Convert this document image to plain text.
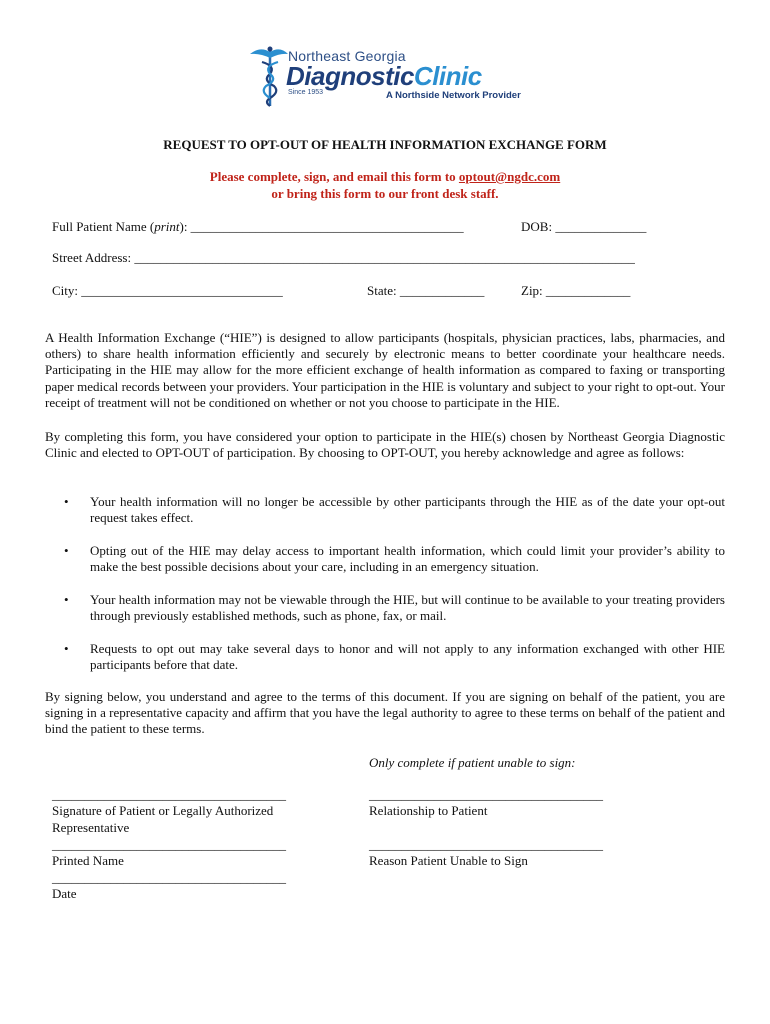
Northeast Georgia
DiagnosticClinic
Since 1953	A Northside Network Provider
REQUEST TO OPT-OUT OF HEALTH INFORMATION EXCHANGE FORM
Please complete, sign, and email this form to optout@ngdc.com
or bring this form to our front desk staff.
Full Patient Name (print): __________________________________________	DOB: ______________
Street Address: _____________________________________________________________________________
City: _______________________________	State: _____________	Zip: _____________
A Health Information Exchange (“HIE”) is designed to allow participants (hospitals, physician practices, labs, pharmacies, and others) to share health information efficiently and securely by electronic means to better coordinate your healthcare needs. Participating in the HIE may allow for the more efficient exchange of health information as compared to faxing or transporting paper medical records between your providers. Your participation in the HIE is voluntary and subject to your right to opt-out. Your receipt of treatment will not be conditioned on whether or not you choose to participate in the HIE.
By completing this form, you have considered your option to participate in the HIE(s) chosen by Northeast Georgia Diagnostic Clinic and elected to OPT-OUT of participation. By choosing to OPT-OUT, you hereby acknowledge and agree as follows:
•	Your health information will no longer be accessible by other participants through the HIE as of the date your opt-out request takes effect.
•	Opting out of the HIE may delay access to important health information, which could limit your provider’s ability to make the best possible decisions about your care, including in an emergency situation.
•	Your health information may not be viewable through the HIE, but will continue to be available to your treating providers through previously established methods, such as phone, fax, or mail.
•	Requests to opt out may take several days to honor and will not apply to any information exchanged with other HIE participants before that date.
By signing below, you understand and agree to the terms of this document. If you are signing on behalf of the patient, you are signing in a representative capacity and affirm that you have the legal authority to agree to these terms on behalf of the patient and bind the patient to these terms.
Only complete if patient unable to sign:
____________________________________	____________________________________
Signature of Patient or Legally Authorized
Representative
Relationship to Patient
____________________________________	____________________________________
Printed Name	Reason Patient Unable to Sign
____________________________________
Date
